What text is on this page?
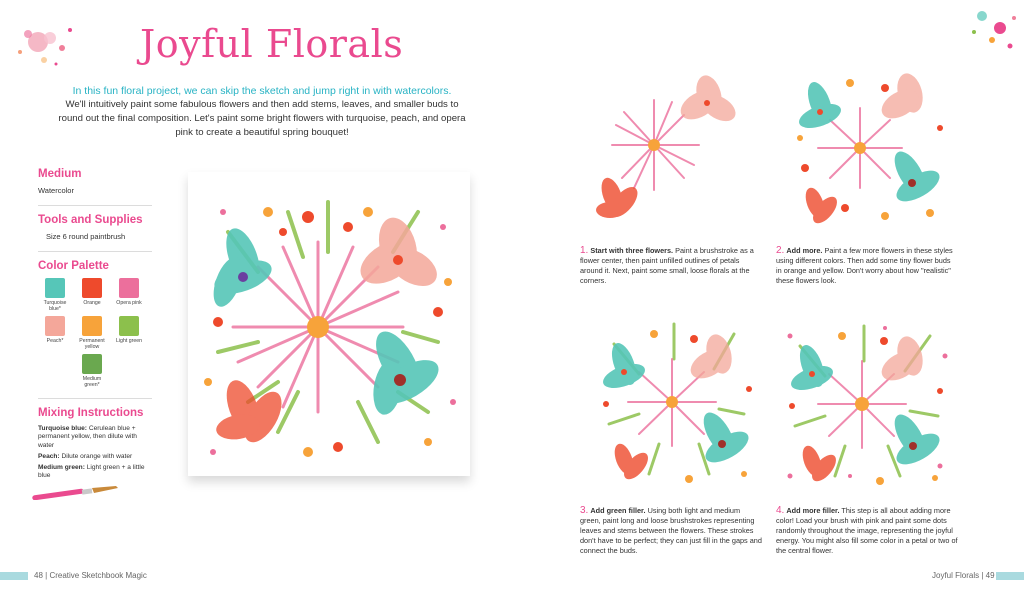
Joyful Florals
In this fun floral project, we can skip the sketch and jump right in with watercolors.
We'll intuitively paint some fabulous flowers and then add stems, leaves, and smaller buds to round out the final composition. Let's paint some bright flowers with turquoise, peach, and opera pink to create a beautiful spring bouquet!
Medium
Watercolor
Tools and Supplies
Size 6 round paintbrush
Color Palette
Turquoise blue*
Orange	Opera pink
Peach*	Permanent yellow
Light green
Medium green*
Mixing Instructions
Turquoise blue: Cerulean blue + permanent yellow, then dilute with water
Peach: Dilute orange with water
Medium green: Light green + a little blue
48 | Creative Sketchbook Magic
1. Start with three flowers. Paint a brushstroke as a flower center, then paint unfilled outlines of petals around it. Next, paint some small, loose florals at the corners.
2. Add more. Paint a few more flowers in these styles using different colors. Then add some tiny flower buds in orange and yellow. Don't worry about how "realistic" these flowers look.
3. Add green filler. Using both light and medium green, paint long and loose brushstrokes representing leaves and stems between the flowers. These strokes don't have to be perfect; they can just fill in the gaps and connect the buds.
4. Add more filler. This step is all about adding more color! Load your brush with pink and paint some dots randomly throughout the image, representing the joyful energy. You might also fill some color in a petal or two of the central flower.
Joyful Florals | 49
